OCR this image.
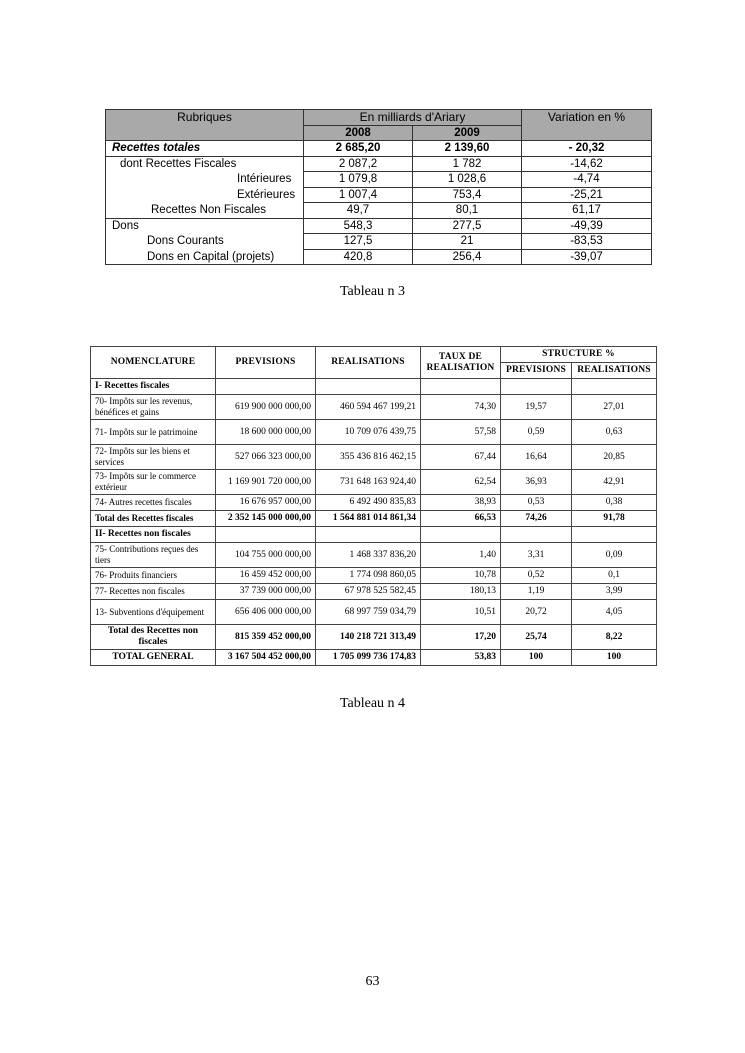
Rubriques	En milliards d'Ariary		Variation en %
	2008	2009	
Recettes totales	2 685,20	2 139,60	- 20,32
dont Recettes Fiscales	2 087,2	1 782	-14,62
Intérieures	1 079,8	1 028,6	-4,74
Extérieures	1 007,4	753,4	-25,21
Recettes Non Fiscales	49,7	80,1	61,17
Dons	548,3	277,5	-49,39
Dons Courants	127,5	21	-83,53
Dons en Capital (projets)	420,8	256,4	-39,07
Tableau n 3
NOMENCLATURE	PREVISIONS	REALISATIONS	TAUX DE REALISATION	STRUCTURE %	
				PREVISIONS	REALISATIONS
I- Recettes fiscales					
70- Impôts sur les revenus, bénéfices et gains	619 900 000 000,00	460 594 467 199,21	74,30	19,57	27,01
71- Impôts sur le patrimoine	18 600 000 000,00	10 709 076 439,75	57,58	0,59	0,63
72- Impôts sur les biens et services	527 066 323 000,00	355 436 816 462,15	67,44	16,64	20,85
73- Impôts sur le commerce extérieur	1 169 901 720 000,00	731 648 163 924,40	62,54	36,93	42,91
74- Autres recettes fiscales	16 676 957 000,00	6 492 490 835,83	38,93	0,53	0,38
Total des Recettes fiscales	2 352 145 000 000,00	1 564 881 014 861,34	66,53	74,26	91,78
II- Recettes non fiscales					
75- Contributions reçues des tiers	104 755 000 000,00	1 468 337 836,20	1,40	3,31	0,09
76- Produits financiers	16 459 452 000,00	1 774 098 860,05	10,78	0,52	0,1
77- Recettes non fiscales	37 739 000 000,00	67 978 525 582,45	180,13	1,19	3,99
13- Subventions d'équipement	656 406 000 000,00	68 997 759 034,79	10,51	20,72	4,05
Total des Recettes non fiscales	815 359 452 000,00	140 218 721 313,49	17,20	25,74	8,22
TOTAL GENERAL	3 167 504 452 000,00	1 705 099 736 174,83	53,83	100	100
Tableau n 4
63
